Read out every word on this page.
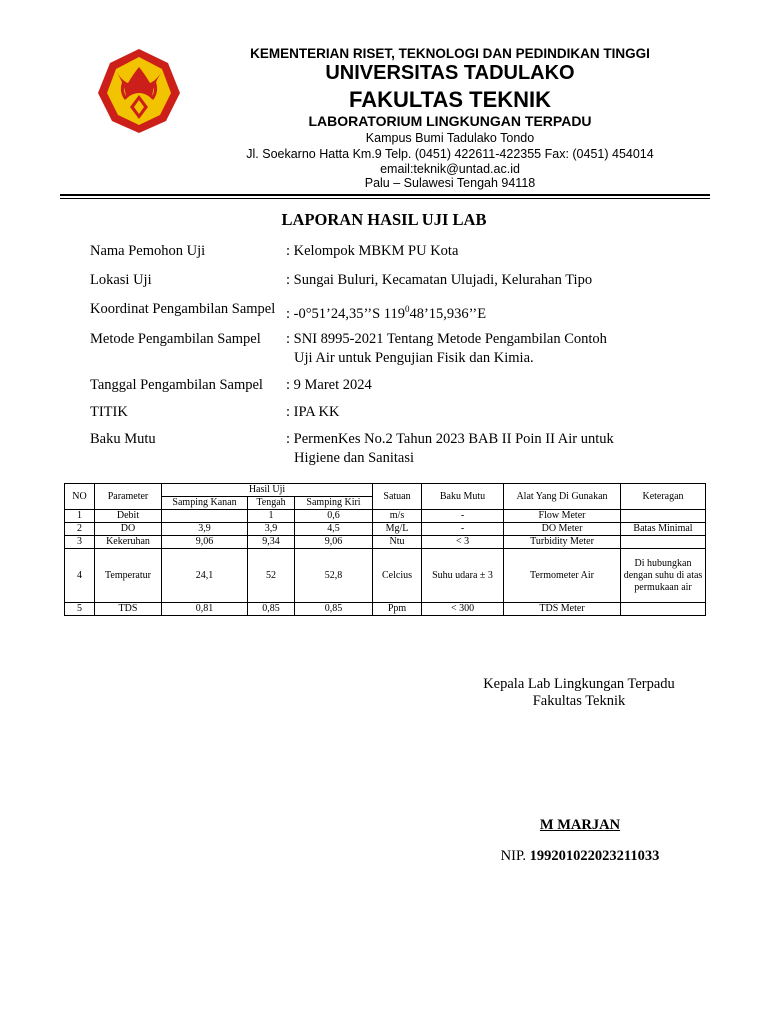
KEMENTERIAN RISET, TEKNOLOGI DAN PEDINDIKAN TINGGI
UNIVERSITAS TADULAKO
FAKULTAS TEKNIK
LABORATORIUM LINGKUNGAN TERPADU
Kampus Bumi Tadulako Tondo
Jl. Soekarno Hatta Km.9 Telp. (0451) 422611-422355 Fax: (0451) 454014
email:teknik@untad.ac.id
Palu – Sulawesi Tengah 94118
LAPORAN HASIL UJI LAB
Nama Pemohon Uji	: Kelompok MBKM PU Kota
Lokasi Uji	: Sungai Buluri, Kecamatan Ulujadi, Kelurahan Tipo
Koordinat Pengambilan Sampel : -0°51’24,35’’S $119^048’15,936’’E$
Metode Pengambilan Sampel : SNI 8995-2021 Tentang Metode Pengambilan Contoh
Uji Air untuk Pengujian Fisik dan Kimia.
Tanggal Pengambilan Sampel : 9 Maret 2024
TITIK	: IPA KK
Baku Mutu	: PermenKes No.2 Tahun 2023 BAB II Poin II Air untuk
Higiene dan Sanitasi
NO	Parameter	Hasil Uji			Satuan	Baku Mutu	Alat Yang Di Gunakan	Keteragan
		Samping Kanan	Tengah	Samping Kiri				
1	Debit		1	0,6	m/s	-	Flow Meter	
2	DO	3,9	3,9	4,5	Mg/L	-	DO Meter	Batas Minimal
3	Kekeruhan	9,06	9,34	9,06	Ntu	< 3	Turbidity Meter	
4	Temperatur	24,1	52	52,8	Celcius	Suhu udara ± 3	Termometer Air	Di hubungkan dengan suhu di atas permukaan air
5	TDS	0,81	0,85	0,85	Ppm	< 300	TDS Meter	
Kepala Lab Lingkungan Terpadu
Fakultas Teknik
M MARJAN
NIP. 199201022023211033
